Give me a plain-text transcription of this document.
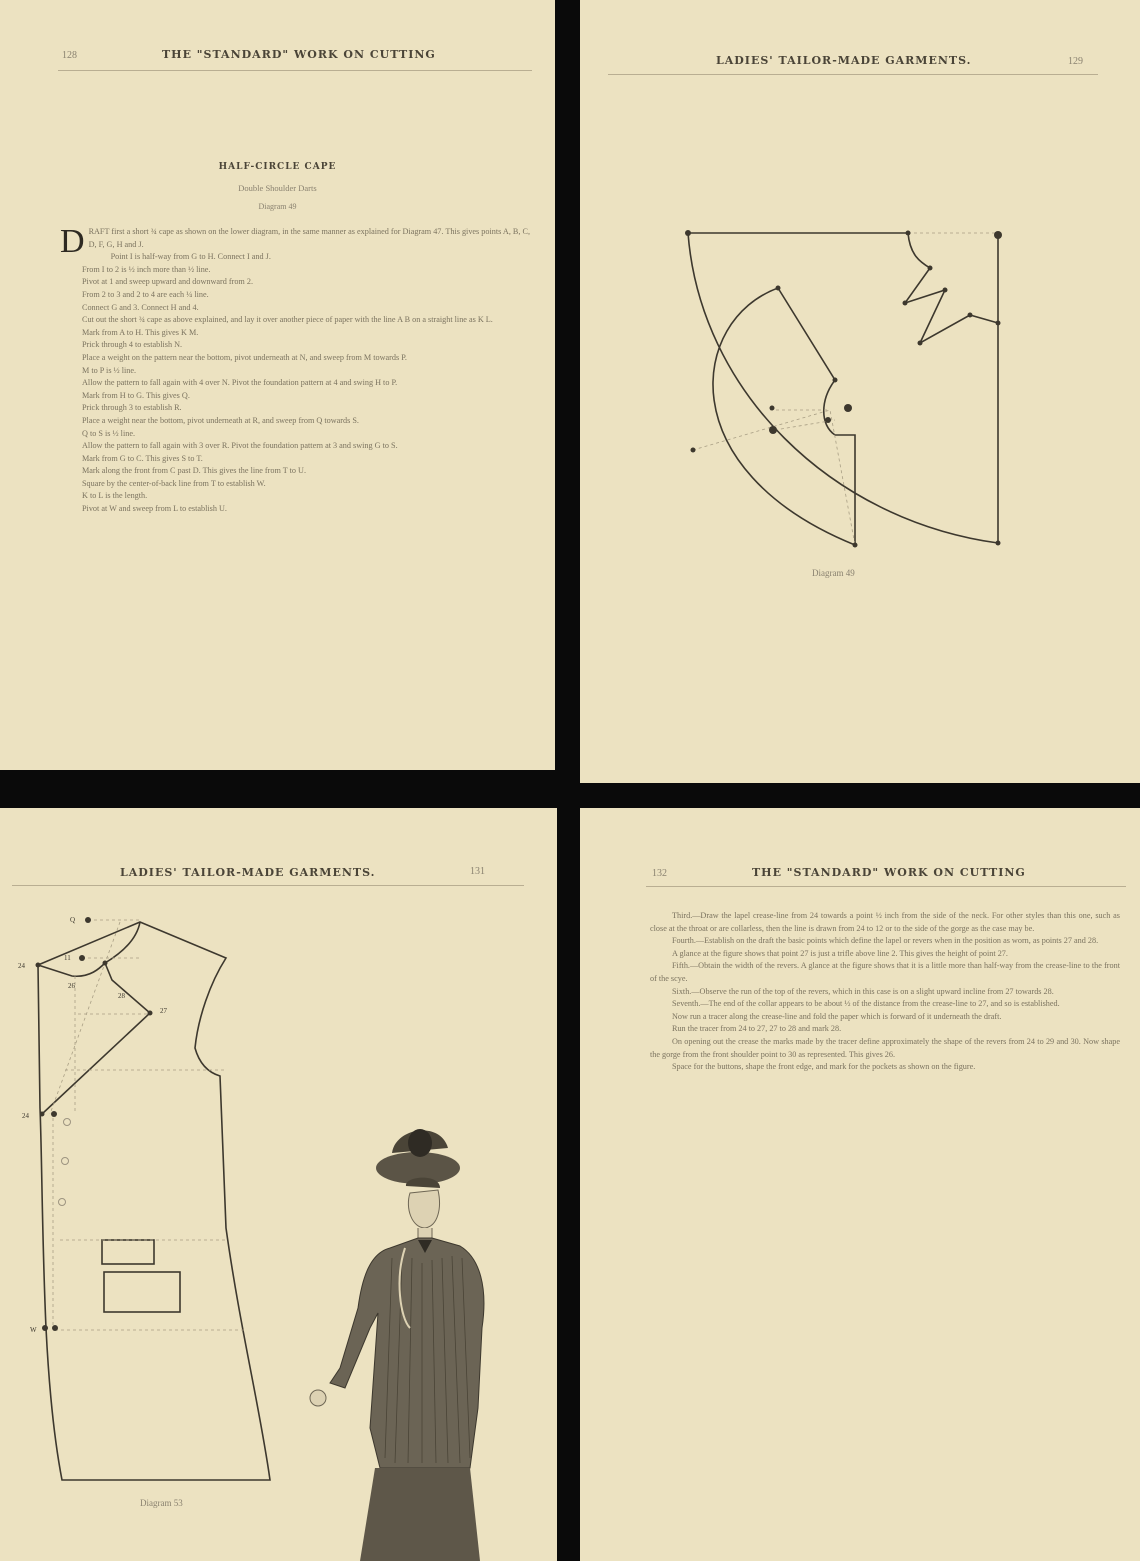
128	THE "STANDARD" WORK ON CUTTING
HALF-CIRCLE CAPE
Double Shoulder Darts
Diagram 49

DRAFT first a short ¾ cape as shown on the lower diagram, in the same manner as explained for Diagram 47. This gives points A, B, C, D, F, G, H and J.

Point I is half-way from G to H. Connect I and J.

From I to 2 is ½ inch more than ½ line.

Pivot at 1 and sweep upward and downward from 2.

From 2 to 3 and 2 to 4 are each ¼ line.

Connect G and 3. Connect H and 4.

Cut out the short ¾ cape as above explained, and lay it over another piece of paper with the line A B on a straight line as K L.

Mark from A to H. This gives K M.

Prick through 4 to establish N.

Place a weight on the pattern near the bottom, pivot underneath at N, and sweep from M towards P.

M to P is ½ line.

Allow the pattern to fall again with 4 over N. Pivot the foundation pattern at 4 and swing H to P.

Mark from H to G. This gives Q.

Prick through 3 to establish R.

Place a weight near the bottom, pivot underneath at R, and sweep from Q towards S.

Q to S is ½ line.

Allow the pattern to fall again with 3 over R. Pivot the foundation pattern at 3 and swing G to S.

Mark from G to C. This gives S to T.

Mark along the front from C past D. This gives the line from T to U.

Square by the center-of-back line from T to establish W.

K to L is the length.

Pivot at W and sweep from L to establish U.

LADIES' TAILOR-MADE GARMENTS.	129
Diagram 49
LADIES' TAILOR-MADE GARMENTS.	131
Q
11
24
26
27
28
24
W
Diagram 53
132	THE "STANDARD" WORK ON CUTTING

Third.—Draw the lapel crease-line from 24 towards a point ½ inch from the side of the neck. For other styles than this one, such as close at the throat or are collarless, then the line is drawn from 24 to 12 or to the side of the gorge as the case may be.

Fourth.—Establish on the draft the basic points which define the lapel or revers when in the position as worn, as points 27 and 28.

A glance at the figure shows that point 27 is just a trifle above line 2. This gives the height of point 27.

Fifth.—Obtain the width of the revers. A glance at the figure shows that it is a little more than half-way from the crease-line to the front of the scye.

Sixth.—Observe the run of the top of the revers, which in this case is on a slight upward incline from 27 towards 28.

Seventh.—The end of the collar appears to be about ½ of the distance from the crease-line to 27, and so is established.

Now run a tracer along the crease-line and fold the paper which is forward of it underneath the draft.

Run the tracer from 24 to 27, 27 to 28 and mark 28.

On opening out the crease the marks made by the tracer define approximately the shape of the revers from 24 to 29 and 30. Now shape the gorge from the front shoulder point to 30 as represented. This gives 26.

Space for the buttons, shape the front edge, and mark for the pockets as shown on the figure.
